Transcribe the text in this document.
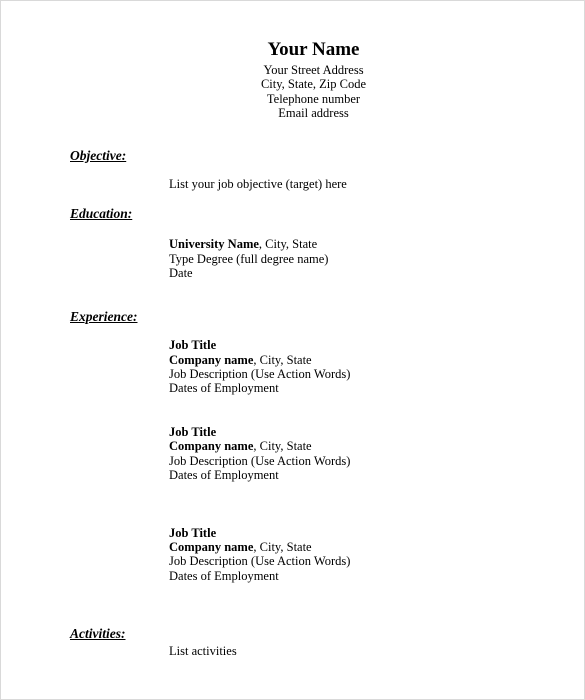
Your Name
Your Street Address
City, State, Zip Code
Telephone number
Email address
Objective:
List your job objective (target) here
Education:
University Name, City, State
Type Degree (full degree name)
Date
Experience:
Job Title
Company name, City, State
Job Description (Use Action Words)
Dates of Employment
Job Title
Company name, City, State
Job Description (Use Action Words)
Dates of Employment
Job Title
Company name, City, State
Job Description (Use Action Words)
Dates of Employment
Activities:
List activities
